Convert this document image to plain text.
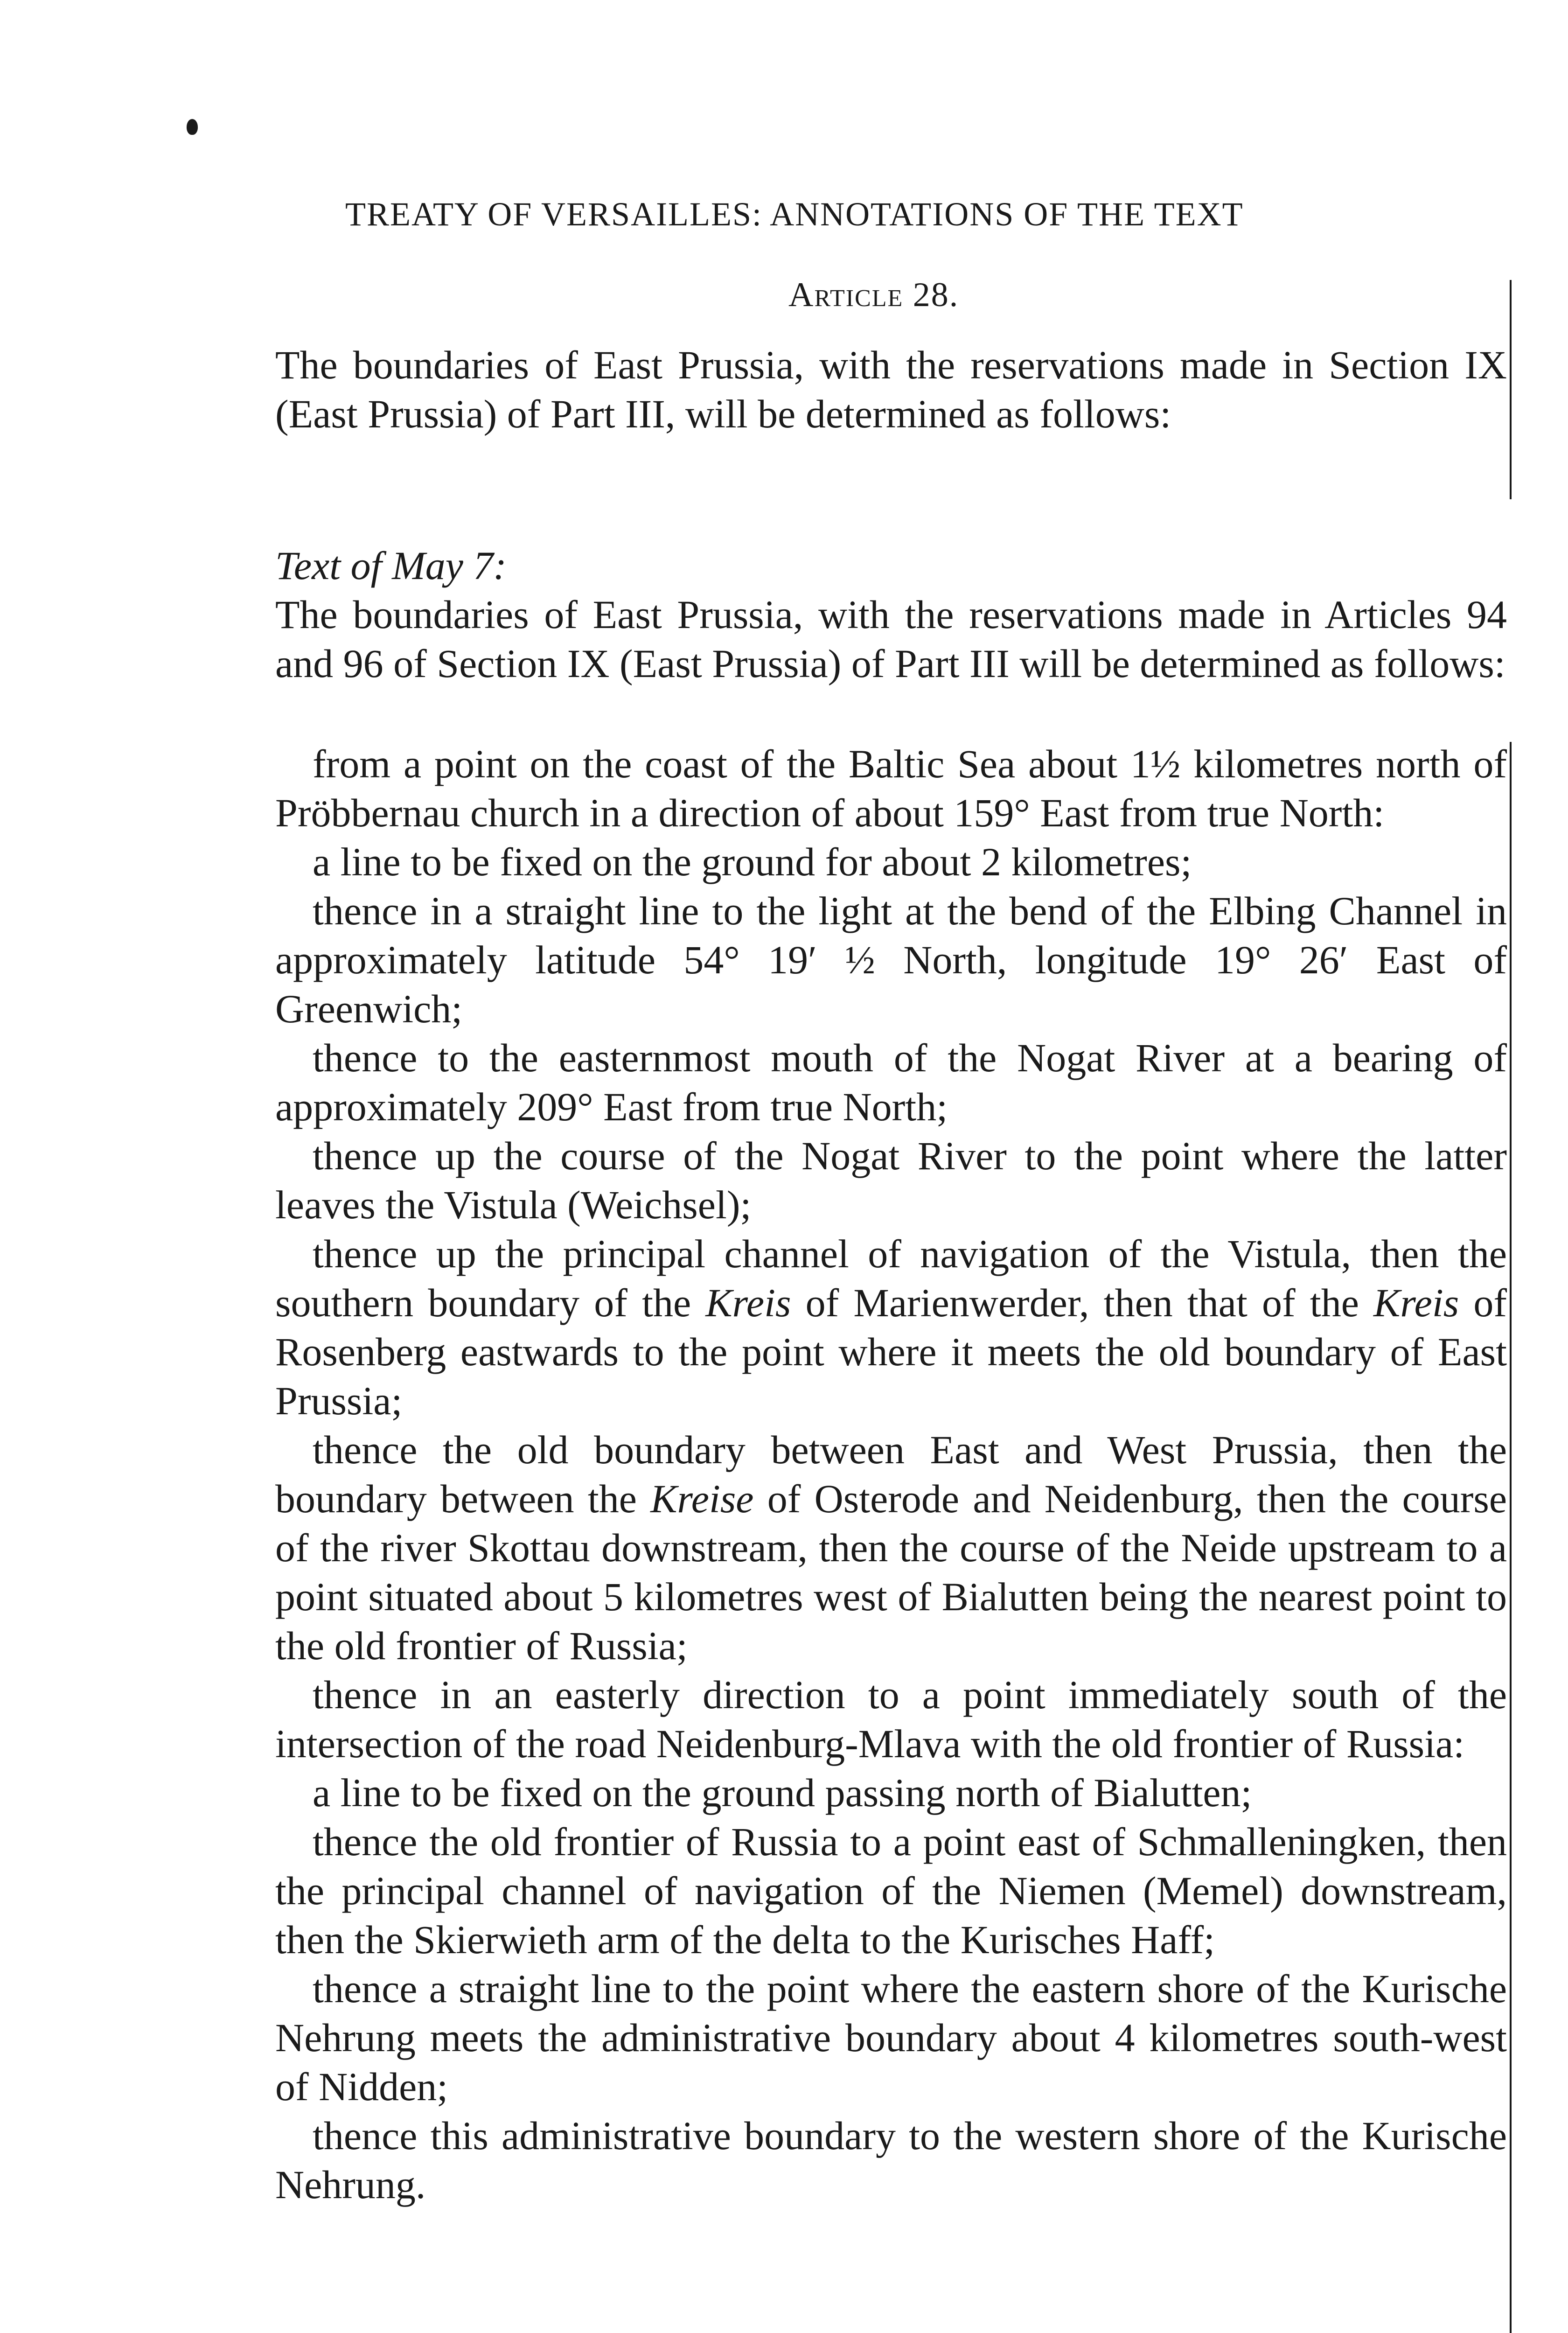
TREATY OF VERSAILLES: ANNOTATIONS OF THE TEXT
Article 28.

The boundaries of East Prussia, with the reservations made in Section IX (East Prussia) of Part III, will be determined as follows:

Text of May 7:

The boundaries of East Prussia, with the reservations made in Articles 94 and 96 of Section IX (East Prussia) of Part III will be determined as follows:

from a point on the coast of the Baltic Sea about 1½ kilometres north of Pröbbernau church in a direction of about 159° East from true North:

a line to be fixed on the ground for about 2 kilometres;

thence in a straight line to the light at the bend of the Elbing Channel in approximately latitude 54° 19′ ½ North, longitude 19° 26′ East of Greenwich;

thence to the easternmost mouth of the Nogat River at a bearing of approximately 209° East from true North;

thence up the course of the Nogat River to the point where the latter leaves the Vistula (Weichsel);

thence up the principal channel of navigation of the Vistula, then the southern boundary of the Kreis of Marienwerder, then that of the Kreis of Rosenberg eastwards to the point where it meets the old boundary of East Prussia;

thence the old boundary between East and West Prussia, then the boundary between the Kreise of Osterode and Neidenburg, then the course of the river Skottau downstream, then the course of the Neide upstream to a point situated about 5 kilometres west of Bialutten being the nearest point to the old frontier of Russia;

thence in an easterly direction to a point immediately south of the intersection of the road Neidenburg-Mlava with the old frontier of Russia:

a line to be fixed on the ground passing north of Bialutten;

thence the old frontier of Russia to a point east of Schmalleningken, then the principal channel of navigation of the Niemen (Memel) downstream, then the Skierwieth arm of the delta to the Kurisches Haff;

thence a straight line to the point where the eastern shore of the Kurische Nehrung meets the administrative boundary about 4 kilometres south-west of Nidden;

thence this administrative boundary to the western shore of the Kurische Nehrung.
